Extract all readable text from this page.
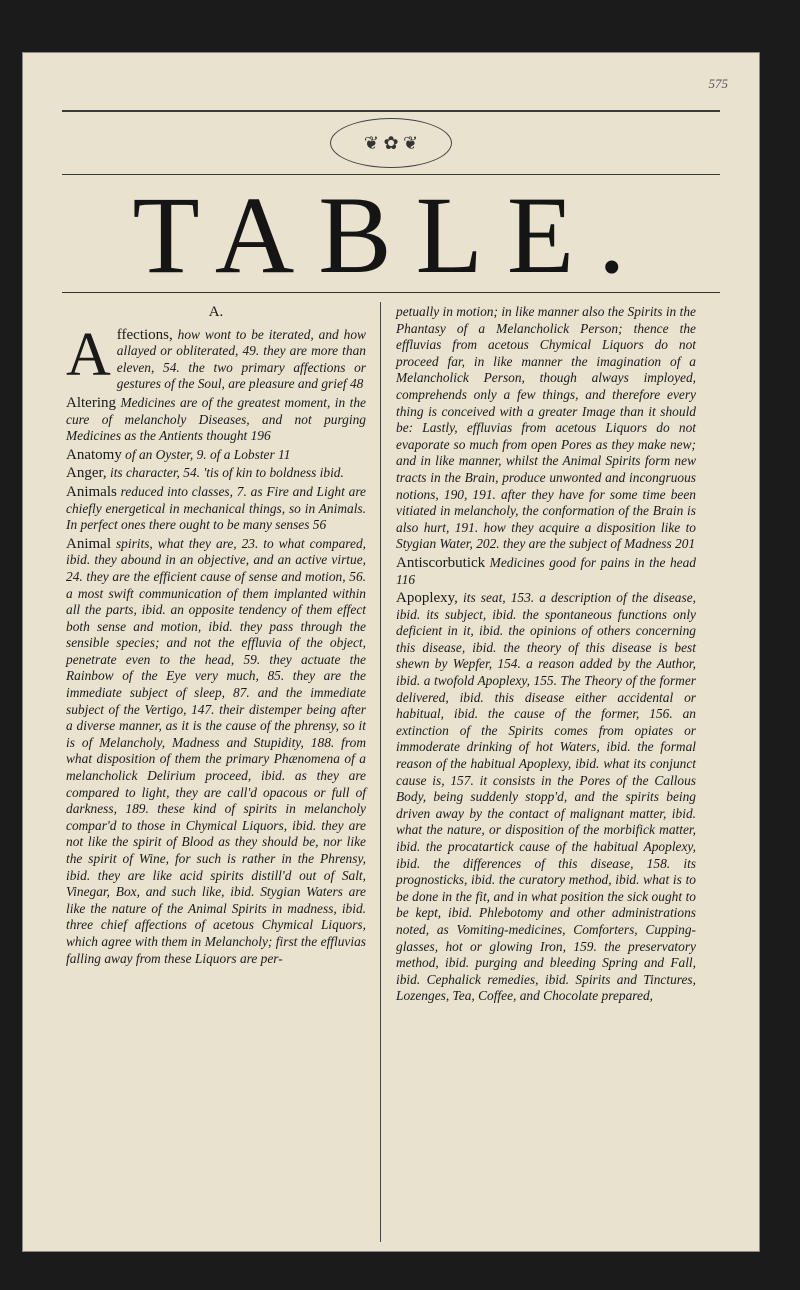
575
❦ ✿ ❦
TABLE.
A.

Affections, how wont to be iterated, and how allayed or obliterated, 49. they are more than eleven, 54. the two primary affections or gestures of the Soul, are pleasure and grief 48

Altering Medicines are of the greatest moment, in the cure of melancholy Diseases, and not purging Medicines as the Antients thought 196

Anatomy of an Oyster, 9. of a Lobster 11

Anger, its character, 54. 'tis of kin to boldness ibid.

Animals reduced into classes, 7. as Fire and Light are chiefly energetical in mechanical things, so in Animals. In perfect ones there ought to be many senses 56

Animal spirits, what they are, 23. to what compared, ibid. they abound in an objective, and an active virtue, 24. they are the efficient cause of sense and motion, 56. a most swift communication of them implanted within all the parts, ibid. an opposite tendency of them effect both sense and motion, ibid. they pass through the sensible species; and not the effluvia of the object, penetrate even to the head, 59. they actuate the Rainbow of the Eye very much, 85. they are the immediate subject of sleep, 87. and the immediate subject of the Vertigo, 147. their distemper being after a diverse manner, as it is the cause of the phrensy, so it is of Melancholy, Madness and Stupidity, 188. from what disposition of them the primary Phænomena of a melancholick Delirium proceed, ibid. as they are compared to light, they are call'd opacous or full of darkness, 189. these kind of spirits in melancholy compar'd to those in Chymical Liquors, ibid. they are not like the spirit of Blood as they should be, nor like the spirit of Wine, for such is rather in the Phrensy, ibid. they are like acid spirits distill'd out of Salt, Vinegar, Box, and such like, ibid. Stygian Waters are like the nature of the Animal Spirits in madness, ibid. three chief affections of acetous Chymical Liquors, which agree with them in Melancholy; first the effluvias falling away from these Liquors are per-

petually in motion; in like manner also the Spirits in the Phantasy of a Melancholick Person; thence the effluvias from acetous Chymical Liquors do not proceed far, in like manner the imagination of a Melancholick Person, though always imployed, comprehends only a few things, and therefore every thing is conceived with a greater Image than it should be: Lastly, effluvias from acetous Liquors do not evaporate so much from open Pores as they make new; and in like manner, whilst the Animal Spirits form new tracts in the Brain, produce unwonted and incongruous notions, 190, 191. after they have for some time been vitiated in melancholy, the conformation of the Brain is also hurt, 191. how they acquire a disposition like to Stygian Water, 202. they are the subject of Madness 201

Antiscorbutick Medicines good for pains in the head 116

Apoplexy, its seat, 153. a description of the disease, ibid. its subject, ibid. the spontaneous functions only deficient in it, ibid. the opinions of others concerning this disease, ibid. the theory of this disease is best shewn by Wepfer, 154. a reason added by the Author, ibid. a twofold Apoplexy, 155. The Theory of the former delivered, ibid. this disease either accidental or habitual, ibid. the cause of the former, 156. an extinction of the Spirits comes from opiates or immoderate drinking of hot Waters, ibid. the formal reason of the habitual Apoplexy, ibid. what its conjunct cause is, 157. it consists in the Pores of the Callous Body, being suddenly stopp'd, and the spirits being driven away by the contact of malignant matter, ibid. what the nature, or disposition of the morbifick matter, ibid. the procatartick cause of the habitual Apoplexy, ibid. the differences of this disease, 158. its prognosticks, ibid. the curatory method, ibid. what is to be done in the fit, and in what position the sick ought to be kept, ibid. Phlebotomy and other administrations noted, as Vomiting-medicines, Comforters, Cupping-glasses, hot or glowing Iron, 159. the preservatory method, ibid. purging and bleeding Spring and Fall, ibid. Cephalick remedies, ibid. Spirits and Tinctures, Lozenges, Tea, Coffee, and Chocolate prepared,
